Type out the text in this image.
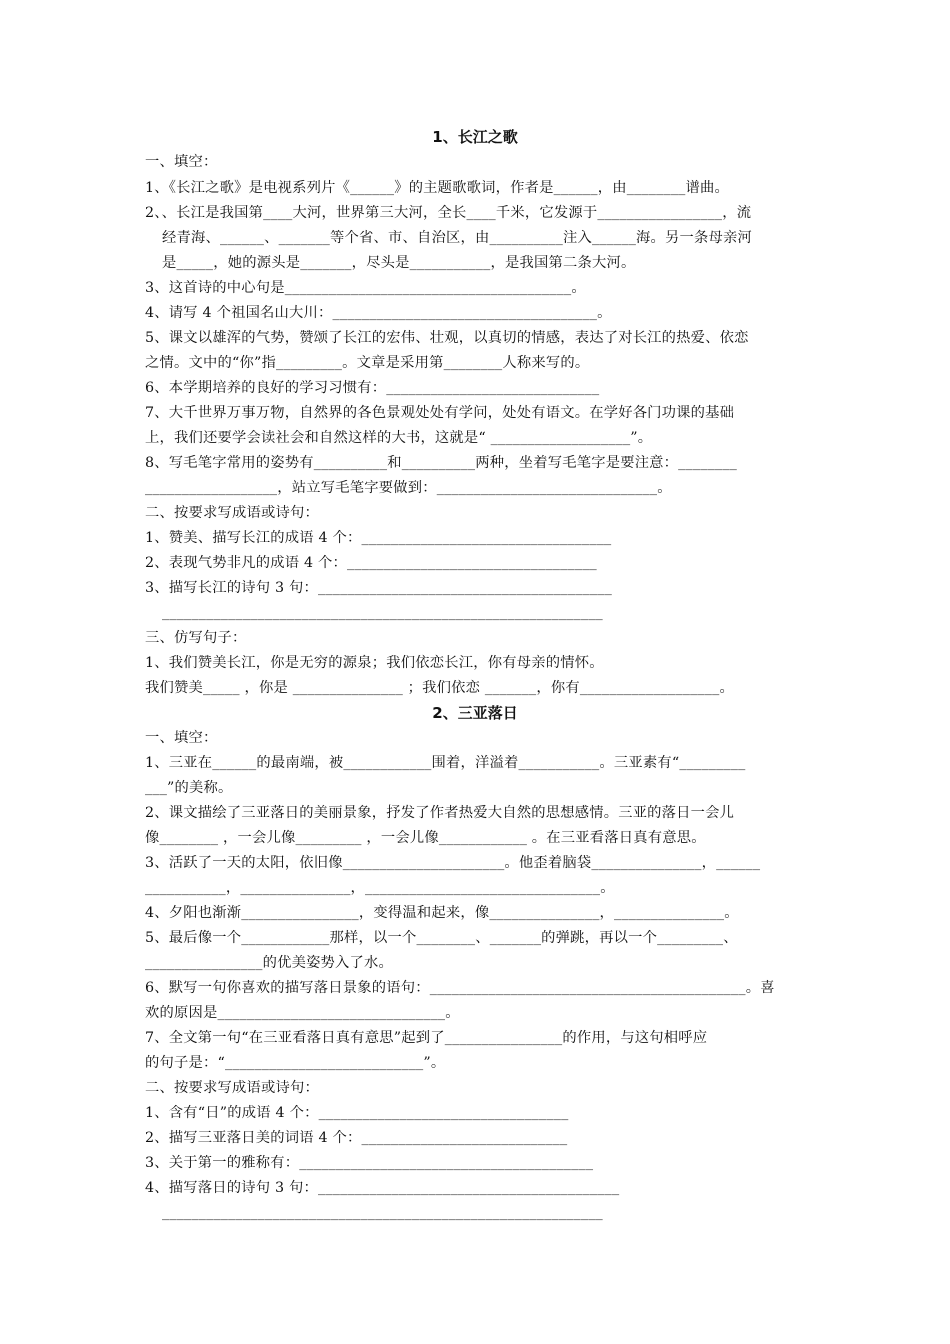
1、长江之歌
一、填空：
1、《长江之歌》是电视系列片《______》的主题歌歌词，作者是______，由________谱曲。
2、、长江是我国第____大河，世界第三大河，全长____千米，它发源于_________________，流
经青海、______、_______等个省、市、自治区，由__________注入______海。另一条母亲河
是_____，她的源头是_______，尽头是___________，是我国第二条大河。
3、这首诗的中心句是_______________________________________。
4、请写 4 个祖国名山大川：____________________________________。
5、课文以雄浑的气势，赞颂了长江的宏伟、壮观，以真切的情感，表达了对长江的热爱、依恋
之情。文中的“你”指_________。文章是采用第________人称来写的。
6、本学期培养的良好的学习习惯有：_____________________________
7、大千世界万事万物，自然界的各色景观处处有学问，处处有语文。在学好各门功课的基础
上，我们还要学会读社会和自然这样的大书，这就是“ ___________________”。
8、写毛笔字常用的姿势有__________和__________两种，坐着写毛笔字是要注意：________
__________________，站立写毛笔字要做到：______________________________。
二、按要求写成语或诗句：
1、赞美、描写长江的成语 4 个：__________________________________
2、表现气势非凡的成语 4 个：__________________________________
3、描写长江的诗句 3 句：________________________________________
____________________________________________________________
三、仿写句子：
1、我们赞美长江，你是无穷的源泉；我们依恋长江，你有母亲的情怀。
我们赞美_____ ，你是 _______________ ；我们依恋 _______，你有___________________。
2、三亚落日
一、填空：
1、三亚在______的最南端，被____________围着，洋溢着___________。三亚素有“_________
___”的美称。
2、课文描绘了三亚落日的美丽景象，抒发了作者热爱大自然的思想感情。三亚的落日一会儿
像________ ，一会儿像_________ ，一会儿像____________ 。在三亚看落日真有意思。
3、活跃了一天的太阳，依旧像______________________。他歪着脑袋_______________，______
___________，_______________，________________________________。
4、夕阳也渐渐________________，变得温和起来，像_______________，_______________。
5、最后像一个____________那样，以一个________、_______的弹跳，再以一个_________、
________________的优美姿势入了水。
6、默写一句你喜欢的描写落日景象的语句：___________________________________________。喜
欢的原因是_______________________________。
7、全文第一句“在三亚看落日真有意思”起到了________________的作用，与这句相呼应
的句子是：“___________________________”。
二、按要求写成语或诗句：
1、含有“日”的成语 4 个：__________________________________
2、描写三亚落日美的词语 4 个：____________________________
3、关于第一的雅称有：________________________________________
4、描写落日的诗句 3 句：_________________________________________
____________________________________________________________
